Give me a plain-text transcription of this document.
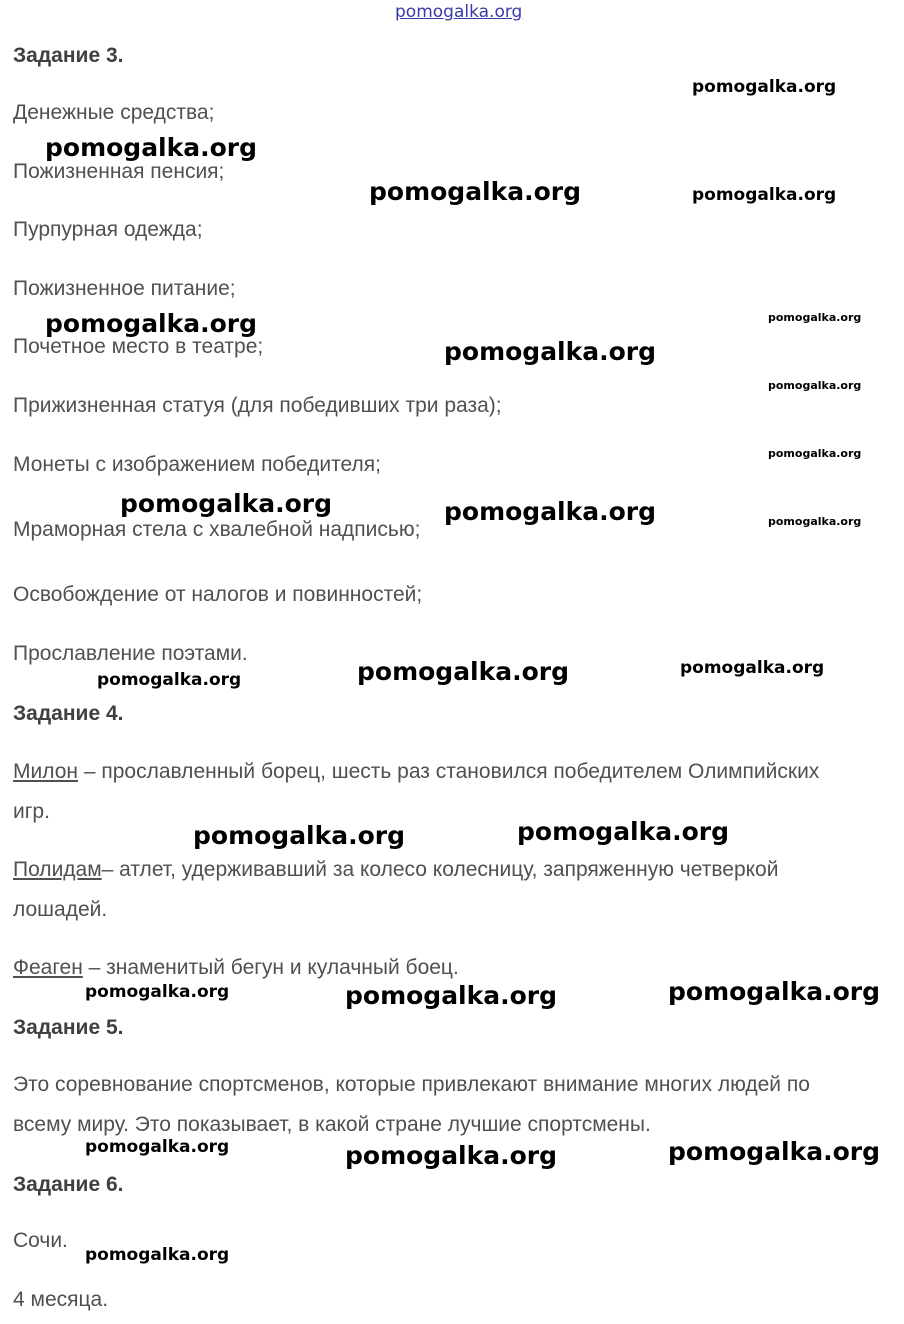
pomogalka.org
Задание 3.
Денежные средства;
Пожизненная пенсия;
Пурпурная одежда;
Пожизненное питание;
Почетное место в театре;
Прижизненная статуя (для победивших три раза);
Монеты с изображением победителя;
Мраморная стела с хвалебной надписью;
Освобождение от налогов и повинностей;
Прославление поэтами.
Задание 4.
Милон – прославленный борец, шесть раз становился победителем Олимпийских
игр.
Полидам– атлет, удерживавший за колесо колесницу, запряженную четверкой
лошадей.
Феаген – знаменитый бегун и кулачный боец.
Задание 5.
Это соревнование спортсменов, которые привлекают внимание многих людей по
всему миру. Это показывает, в какой стране лучшие спортсмены.
Задание 6.
Сочи.
4 месяца.
pomogalka.org
pomogalka.org
pomogalka.org	pomogalka.org
pomogalka.org
pomogalka.org
pomogalka.org
pomogalka.org
pomogalka.org
pomogalka.org	pomogalka.org	pomogalka.org
pomogalka.org	pomogalka.org
pomogalka.org
pomogalka.org	pomogalka.org
pomogalka.org	pomogalka.org	pomogalka.org
pomogalka.org	pomogalka.org	pomogalka.org
pomogalka.org
